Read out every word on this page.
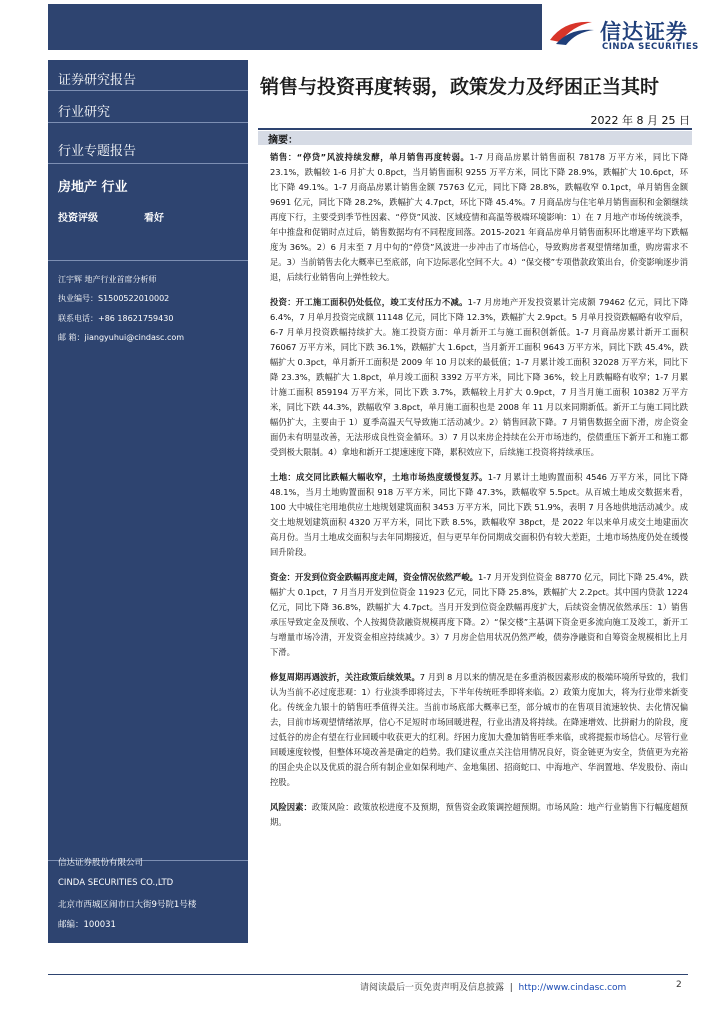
信达证券
CINDA SECURITIES
证券研究报告
行业研究
行业专题报告
房地产 行业
投资评级	看好
江宇辉 地产行业首席分析师
执业编号：S1500522010002
联系电话：+86 18621759430
邮 箱：jiangyuhui@cindasc.com
信达证券股份有限公司
CINDA SECURITIES CO.,LTD
北京市西城区闹市口大街9号院1号楼
邮编：100031
销售与投资再度转弱，政策发力及纾困正当其时
2022 年 8 月 25 日
摘要：

销售：“停贷”风波持续发酵，单月销售再度转弱。1-7 月商品房累计销售面积 78178 万平方米，同比下降 23.1%，跌幅较 1-6 月扩大 0.8pct，当月销售面积 9255 万平方米，同比下降 28.9%，跌幅扩大 10.6pct，环比下降 49.1%。1-7 月商品房累计销售金额 75763 亿元，同比下降 28.8%，跌幅收窄 0.1pct，单月销售金额 9691 亿元，同比下降 28.2%，跌幅扩大 4.7pct，环比下降 45.4%。7 月商品房与住宅单月销售面积和金额继续再度下行，主要受到季节性因素、“停贷”风波、区域疫情和高温等极端环境影响：1）在 7 月地产市场传统淡季，年中推盘和促销时点过后，销售数据均有不同程度回落。2015-2021 年商品房单月销售面积环比增速平均下跌幅度为 36%。2）6 月末至 7 月中旬的“停贷”风波进一步冲击了市场信心，导致购房者观望情绪加重，购房需求不足。3）当前销售去化大概率已至底部，向下边际恶化空间不大。4）“保交楼”专项借款政策出台，价变影响逐步消退，后续行业销售向上弹性较大。

投资：开工施工面积仍处低位，竣工支付压力不减。1-7 月房地产开发投资累计完成额 79462 亿元，同比下降 6.4%，7 月单月投资完成额 11148 亿元，同比下降 12.3%，跌幅扩大 2.9pct。5 月单月投资跌幅略有收窄后，6-7 月单月投资跌幅持续扩大。施工投资方面：单月新开工与施工面积创新低。1-7 月商品房累计新开工面积 76067 万平方米，同比下跌 36.1%，跌幅扩大 1.6pct，当月新开工面积 9643 万平方米，同比下跌 45.4%，跌幅扩大 0.3pct，单月新开工面积是 2009 年 10 月以来的最低值；1-7 月累计竣工面积 32028 万平方米，同比下降 23.3%，跌幅扩大 1.8pct，单月竣工面积 3392 万平方米，同比下降 36%，较上月跌幅略有收窄；1-7 月累计施工面积 859194 万平方米，同比下跌 3.7%，跌幅较上月扩大 0.9pct，7 月当月施工面积 10382 万平方米，同比下跌 44.3%，跌幅收窄 3.8pct，单月施工面积也是 2008 年 11 月以来同期新低。新开工与施工同比跌幅仍扩大，主要由于 1）夏季高温天气导致施工活动减少。2）销售回款下降。7 月销售数据全面下滑，房企资金面仍未有明显改善，无法形成良性资金循环。3）7 月以来房企持续在公开市场违约，偿债重压下新开工和施工都受到极大限制。4）拿地和新开工提速速度下降，累积效应下，后续施工投资将持续承压。

土地：成交同比跌幅大幅收窄，土地市场热度缓慢复苏。1-7 月累计土地购置面积 4546 万平方米，同比下降 48.1%，当月土地购置面积 918 万平方米，同比下降 47.3%，跌幅收窄 5.5pct。从百城土地成交数据来看，100 大中城住宅用地供应土地规划建筑面积 3453 万平方米，同比下跌 51.9%，表明 7 月各地供地活动减少。成交土地规划建筑面积 4320 万平方米，同比下跌 8.5%，跌幅收窄 38pct，是 2022 年以来单月成交土地建面次高月份。当月土地成交面积与去年同期接近，但与更早年份同期成交面积仍有较大差距，土地市场热度仍处在缓慢回升阶段。

资金：开发到位资金跌幅再度走阔，资金情况依然严峻。1-7 月开发到位资金 88770 亿元，同比下降 25.4%，跌幅扩大 0.1pct，7 月当月开发到位资金 11923 亿元，同比下降 25.8%，跌幅扩大 2.2pct。其中国内贷款 1224 亿元，同比下降 36.8%，跌幅扩大 4.7pct。当月开发到位资金跌幅再度扩大，后续资金情况依然承压：1）销售承压导致定金及预收、个人按揭贷款融资规模再度下降。2）“保交楼”主基调下资金更多流向施工及竣工，新开工与增量市场冷清，开发资金相应持续减少。3）7 月房企信用状况仍然严峻，债券净融资和自筹资金规模相比上月下滑。

修复周期再遇波折，关注政策后续效果。7 月到 8 月以来的情况是在多重消极因素形成的极端环境所导致的，我们认为当前不必过度悲观：1）行业淡季即将过去，下半年传统旺季即将来临。2）政策力度加大，将为行业带来新变化。传统金九银十的销售旺季值得关注。当前市场底部大概率已至，部分城市的在售项目流速较快、去化情况偏去，目前市场观望情绪浓厚，信心不足短时市场回暖进程，行业出清及将持续。在降速增效、比拼耐力的阶段，度过低谷的房企有望在行业回暖中收获更大的红利。纾困力度加大叠加销售旺季来临，或将提振市场信心。尽管行业回暖速度较慢，但整体环境改善是确定的趋势。我们建议重点关注信用情况良好，资金链更为安全，货值更为充裕的国企央企以及优质的混合所有制企业如保利地产、金地集团、招商蛇口、中海地产、华润置地、华发股份、南山控股。

风险因素：政策风险：政策放松进度不及预期，预售资金政策调控超预期。市场风险：地产行业销售下行幅度超预期。

请阅读最后一页免责声明及信息披露  |  http://www.cindasc.com	2
